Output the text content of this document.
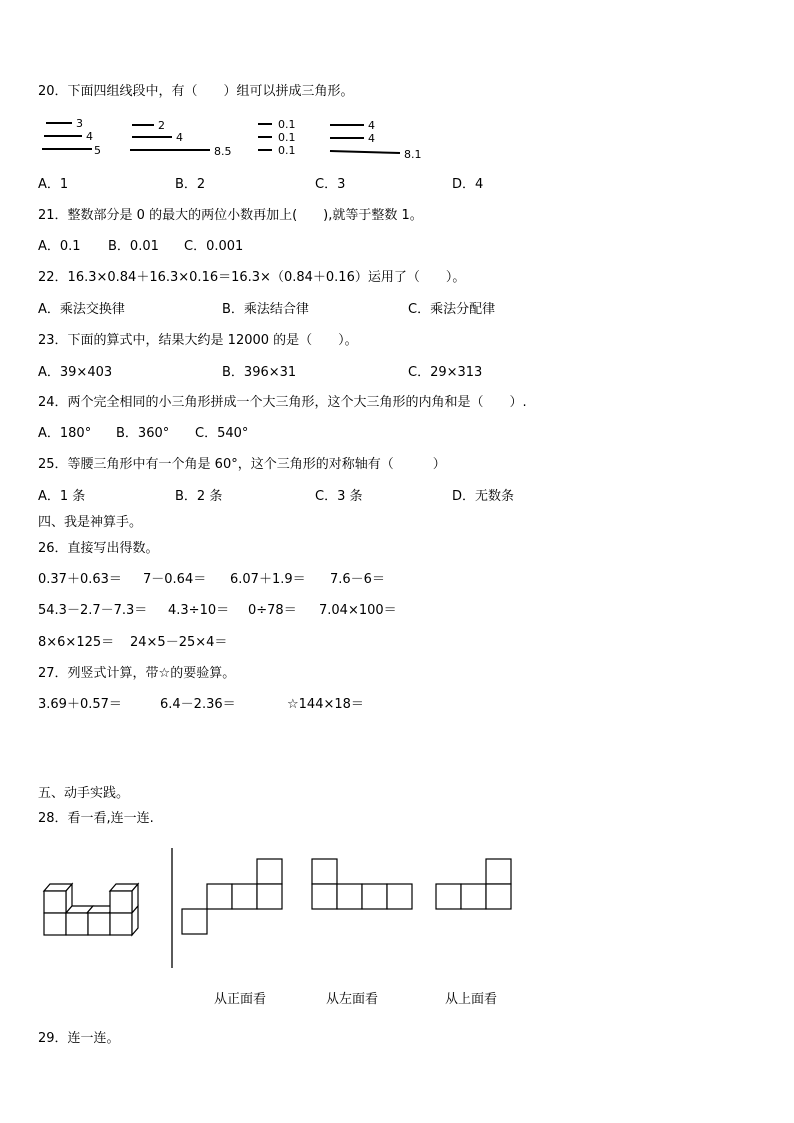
20．下面四组线段中，有（　　）组可以拼成三角形。
3
4
5
2
4
8.5
0.1
0.1
0.1
4
4
8.1
A．1	B．2	C．3	D．4
21．整数部分是 0 的最大的两位小数再加上(　　),就等于整数 1。
A．0.1 B．0.01 C．0.001
22．16.3×0.84＋16.3×0.16＝16.3×（0.84＋0.16）运用了（　　）。
A．乘法交换律	B．乘法结合律	C．乘法分配律
23．下面的算式中，结果大约是 12000 的是（　　）。
A．39×403	B．396×31	C．29×313
24．两个完全相同的小三角形拼成一个大三角形，这个大三角形的内角和是（　　）.
A．180° B．360° C．540°
25．等腰三角形中有一个角是 60°，这个三角形的对称轴有（　　　）
A．1 条	B．2 条	C．3 条	D．无数条
四、我是神算手。
26．直接写出得数。
0.37＋0.63＝ 7－0.64＝ 6.07＋1.9＝ 7.6－6＝
54.3－2.7－7.3＝ 4.3÷10＝ 0÷78＝ 7.04×100＝
8×6×125＝ 24×5－25×4＝
27．列竖式计算，带☆的要验算。
3.69＋0.57＝	6.4－2.36＝	☆144×18＝
五、动手实践。
28．看一看,连一连.
从正面看	从左面看	从上面看
29．连一连。
